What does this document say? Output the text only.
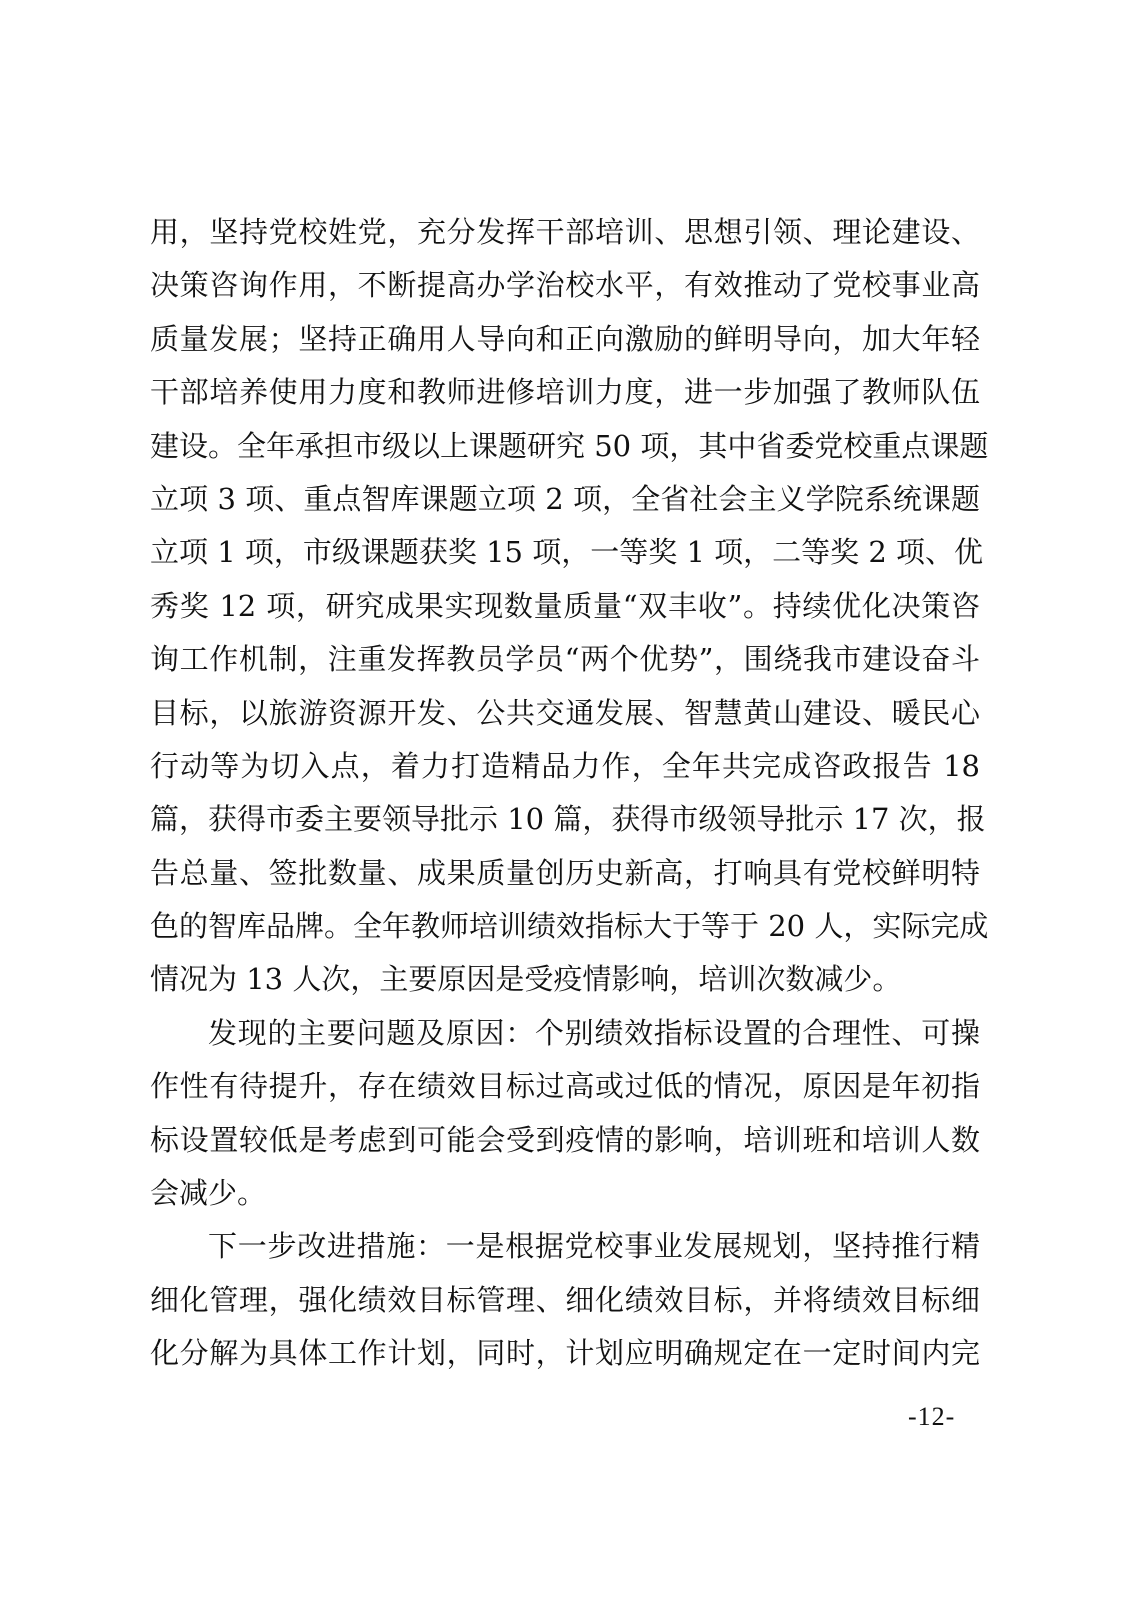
用，坚持党校姓党，充分发挥干部培训、思想引领、理论建设、
决策咨询作用，不断提高办学治校水平，有效推动了党校事业高
质量发展；坚持正确用人导向和正向激励的鲜明导向，加大年轻
干部培养使用力度和教师进修培训力度，进一步加强了教师队伍
建设。全年承担市级以上课题研究 50 项，其中省委党校重点课题
立项 3 项、重点智库课题立项 2 项，全省社会主义学院系统课题
立项 1 项，市级课题获奖 15 项，一等奖 1 项，二等奖 2 项、优
秀奖 12 项，研究成果实现数量质量“双丰收”。持续优化决策咨
询工作机制，注重发挥教员学员“两个优势”，围绕我市建设奋斗
目标，以旅游资源开发、公共交通发展、智慧黄山建设、暖民心
行动等为切入点，着力打造精品力作，全年共完成咨政报告 18
篇，获得市委主要领导批示 10 篇，获得市级领导批示 17 次，报
告总量、签批数量、成果质量创历史新高，打响具有党校鲜明特
色的智库品牌。全年教师培训绩效指标大于等于 20 人，实际完成
情况为 13 人次，主要原因是受疫情影响，培训次数减少。
发现的主要问题及原因：个别绩效指标设置的合理性、可操
作性有待提升，存在绩效目标过高或过低的情况，原因是年初指
标设置较低是考虑到可能会受到疫情的影响，培训班和培训人数
会减少。
下一步改进措施：一是根据党校事业发展规划，坚持推行精
细化管理，强化绩效目标管理、细化绩效目标，并将绩效目标细
化分解为具体工作计划，同时，计划应明确规定在一定时间内完
-12-
